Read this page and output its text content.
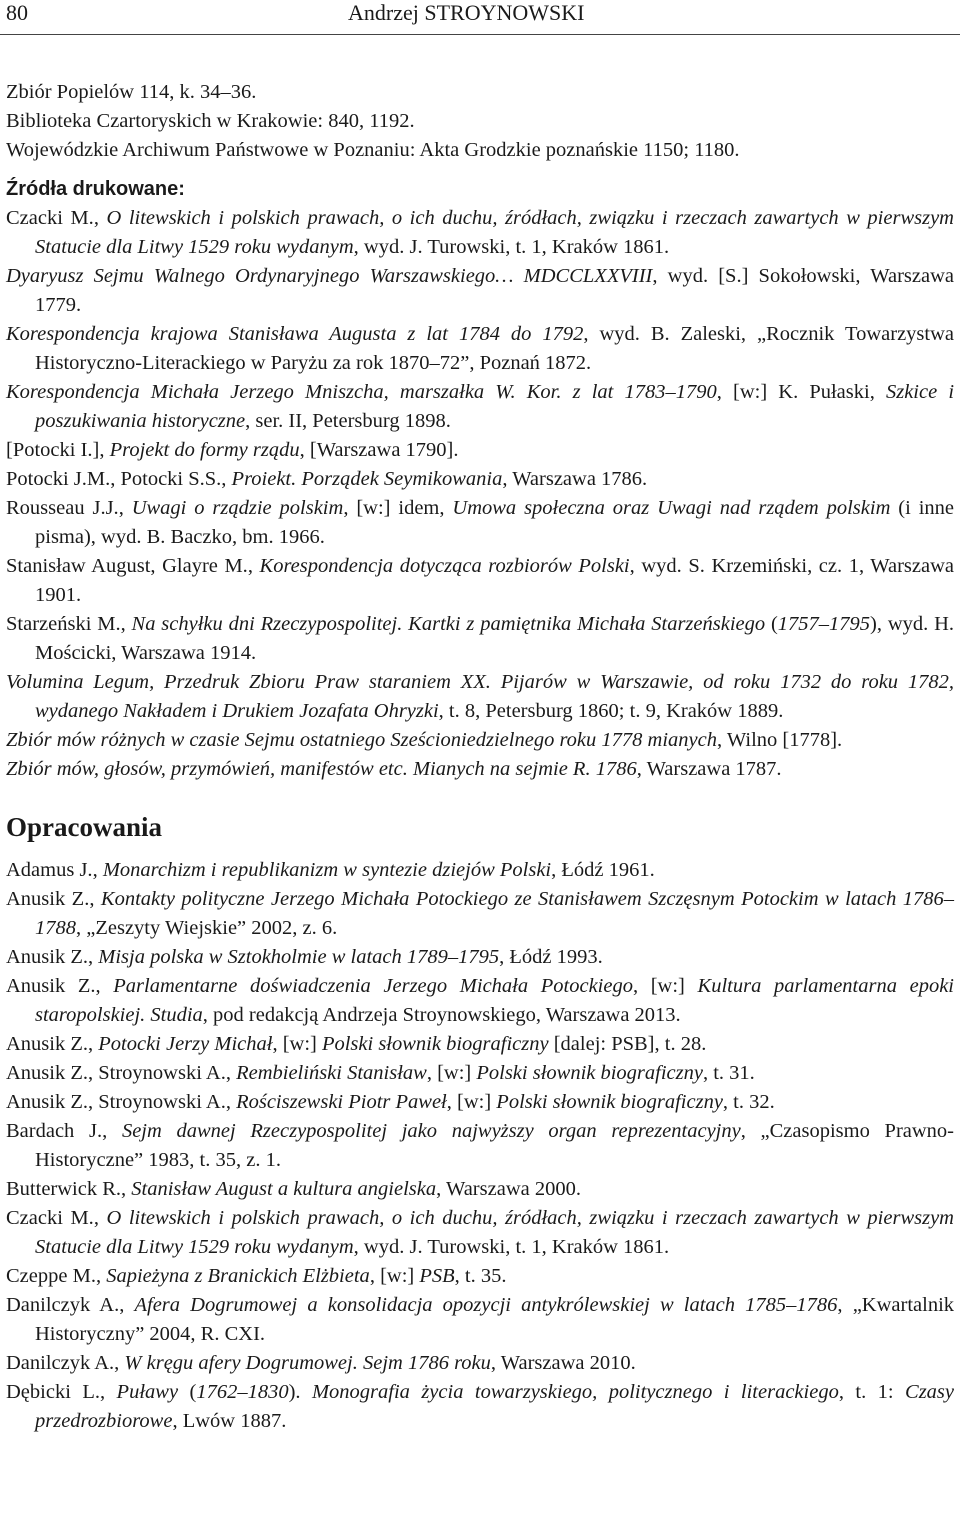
80	Andrzej STROYNOWSKI

Zbiór Popielów 114, k. 34–36.

Biblioteka Czartoryskich w Krakowie: 840, 1192.

Wojewódzkie Archiwum Państwowe w Poznaniu: Akta Grodzkie poznańskie 1150; 1180.

Źródła drukowane:

Czacki M., O litewskich i polskich prawach, o ich duchu, źródłach, związku i rzeczach zawartych w pierwszym Statucie dla Litwy 1529 roku wydanym, wyd. J. Turowski, t. 1, Kraków 1861.

Dyaryusz Sejmu Walnego Ordynaryjnego Warszawskiego… MDCCLXXVIII, wyd. [S.] Sokołowski, Warszawa 1779.

Korespondencja krajowa Stanisława Augusta z lat 1784 do 1792, wyd. B. Zaleski, „Rocznik Towarzystwa Historyczno-Literackiego w Paryżu za rok 1870–72”, Poznań 1872.

Korespondencja Michała Jerzego Mniszcha, marszałka W. Kor. z lat 1783–1790, [w:] K. Pułaski, Szkice i poszukiwania historyczne, ser. II, Petersburg 1898.

[Potocki I.], Projekt do formy rządu, [Warszawa 1790].

Potocki J.M., Potocki S.S., Proiekt. Porządek Seymikowania, Warszawa 1786.

Rousseau J.J., Uwagi o rządzie polskim, [w:] idem, Umowa społeczna oraz Uwagi nad rządem polskim (i inne pisma), wyd. B. Baczko, bm. 1966.

Stanisław August, Glayre M., Korespondencja dotycząca rozbiorów Polski, wyd. S. Krzemiński, cz. 1, Warszawa 1901.

Starzeński M., Na schyłku dni Rzeczypospolitej. Kartki z pamiętnika Michała Starzeńskiego (1757–1795), wyd. H. Mościcki, Warszawa 1914.

Volumina Legum, Przedruk Zbioru Praw staraniem XX. Pijarów w Warszawie, od roku 1732 do roku 1782, wydanego Nakładem i Drukiem Jozafata Ohryzki, t. 8, Petersburg 1860; t. 9, Kraków 1889.

Zbiór mów różnych w czasie Sejmu ostatniego Sześcioniedzielnego roku 1778 mianych, Wilno [1778].

Zbiór mów, głosów, przymówień, manifestów etc. Mianych na sejmie R. 1786, Warszawa 1787.

Opracowania

Adamus J., Monarchizm i republikanizm w syntezie dziejów Polski, Łódź 1961.

Anusik Z., Kontakty polityczne Jerzego Michała Potockiego ze Stanisławem Szczęsnym Potockim w latach 1786–1788, „Zeszyty Wiejskie” 2002, z. 6.

Anusik Z., Misja polska w Sztokholmie w latach 1789–1795, Łódź 1993.

Anusik Z., Parlamentarne doświadczenia Jerzego Michała Potockiego, [w:] Kultura parlamentarna epoki staropolskiej. Studia, pod redakcją Andrzeja Stroynowskiego, Warszawa 2013.

Anusik Z., Potocki Jerzy Michał, [w:] Polski słownik biograficzny [dalej: PSB], t. 28.

Anusik Z., Stroynowski A., Rembieliński Stanisław, [w:] Polski słownik biograficzny, t. 31.

Anusik Z., Stroynowski A., Rościszewski Piotr Paweł, [w:] Polski słownik biograficzny, t. 32.

Bardach J., Sejm dawnej Rzeczypospolitej jako najwyższy organ reprezentacyjny, „Czasopismo Prawno-Historyczne” 1983, t. 35, z. 1.

Butterwick R., Stanisław August a kultura angielska, Warszawa 2000.

Czacki M., O litewskich i polskich prawach, o ich duchu, źródłach, związku i rzeczach zawartych w pierwszym Statucie dla Litwy 1529 roku wydanym, wyd. J. Turowski, t. 1, Kraków 1861.

Czeppe M., Sapieżyna z Branickich Elżbieta, [w:] PSB, t. 35.

Danilczyk A., Afera Dogrumowej a konsolidacja opozycji antykrólewskiej w latach 1785–1786, „Kwartalnik Historyczny” 2004, R. CXI.

Danilczyk A., W kręgu afery Dogrumowej. Sejm 1786 roku, Warszawa 2010.

Dębicki L., Puławy (1762–1830). Monografia życia towarzyskiego, politycznego i literackiego, t. 1: Czasy przedrozbiorowe, Lwów 1887.
